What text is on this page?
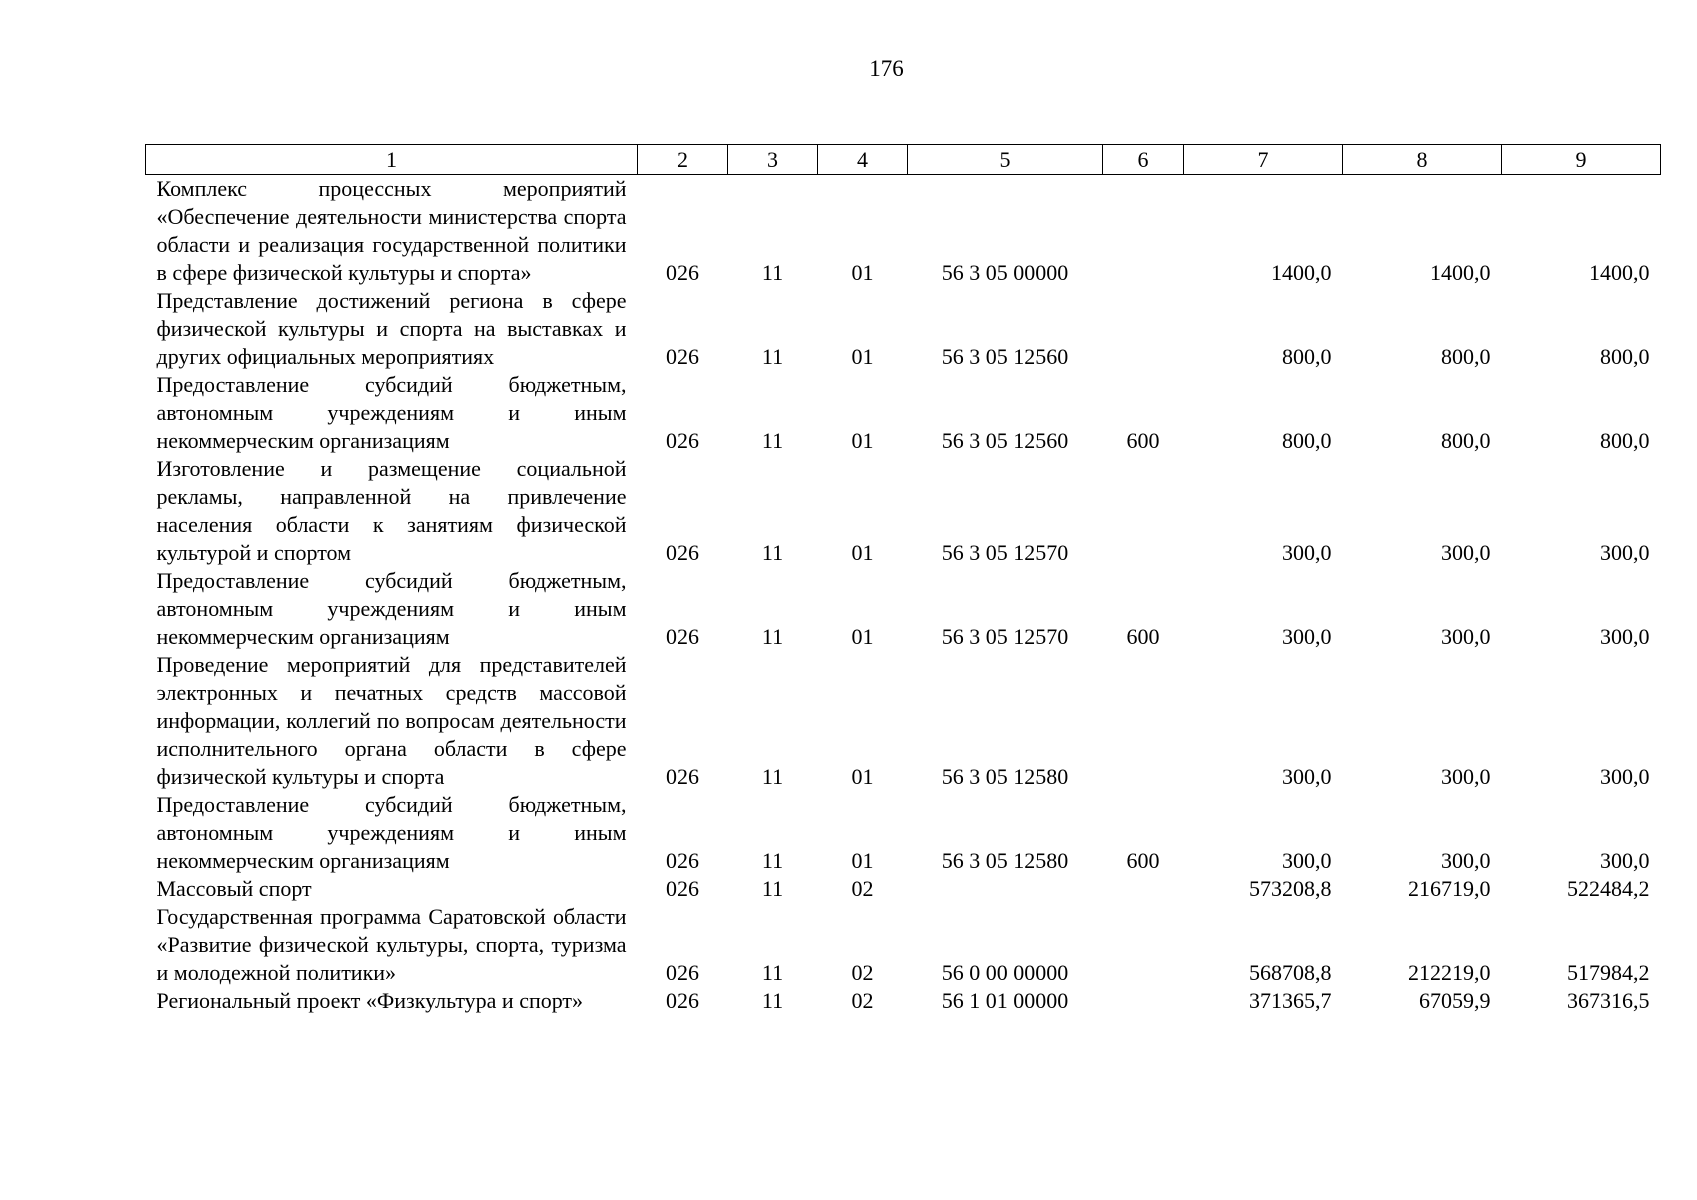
176
1	2	3	4	5	6	7	8	9
Комплекс процессных мероприятий «Обеспечение деятельности министерства спорта области и реализация государственной политики в сфере физической культуры и спорта»	026	11	01	56 3 05 00000		1400,0	1400,0	1400,0
Представление достижений региона в сфере физической культуры и спорта на выставках и других официальных мероприятиях	026	11	01	56 3 05 12560		800,0	800,0	800,0
Предоставление субсидий бюджетным, автономным учреждениям и иным некоммерческим организациям	026	11	01	56 3 05 12560	600	800,0	800,0	800,0
Изготовление и размещение социальной рекламы, направленной на привлечение населения области к занятиям физической культурой и спортом	026	11	01	56 3 05 12570		300,0	300,0	300,0
Предоставление субсидий бюджетным, автономным учреждениям и иным некоммерческим организациям	026	11	01	56 3 05 12570	600	300,0	300,0	300,0
Проведение мероприятий для представителей электронных и печатных средств массовой информации, коллегий по вопросам деятельности исполнительного органа области в сфере физической культуры и спорта	026	11	01	56 3 05 12580		300,0	300,0	300,0
Предоставление субсидий бюджетным, автономным учреждениям и иным некоммерческим организациям	026	11	01	56 3 05 12580	600	300,0	300,0	300,0
Массовый спорт	026	11	02			573208,8	216719,0	522484,2
Государственная программа Саратовской области «Развитие физической культуры, спорта, туризма и молодежной политики»	026	11	02	56 0 00 00000		568708,8	212219,0	517984,2
Региональный проект «Физкультура и спорт»	026	11	02	56 1 01 00000		371365,7	67059,9	367316,5
